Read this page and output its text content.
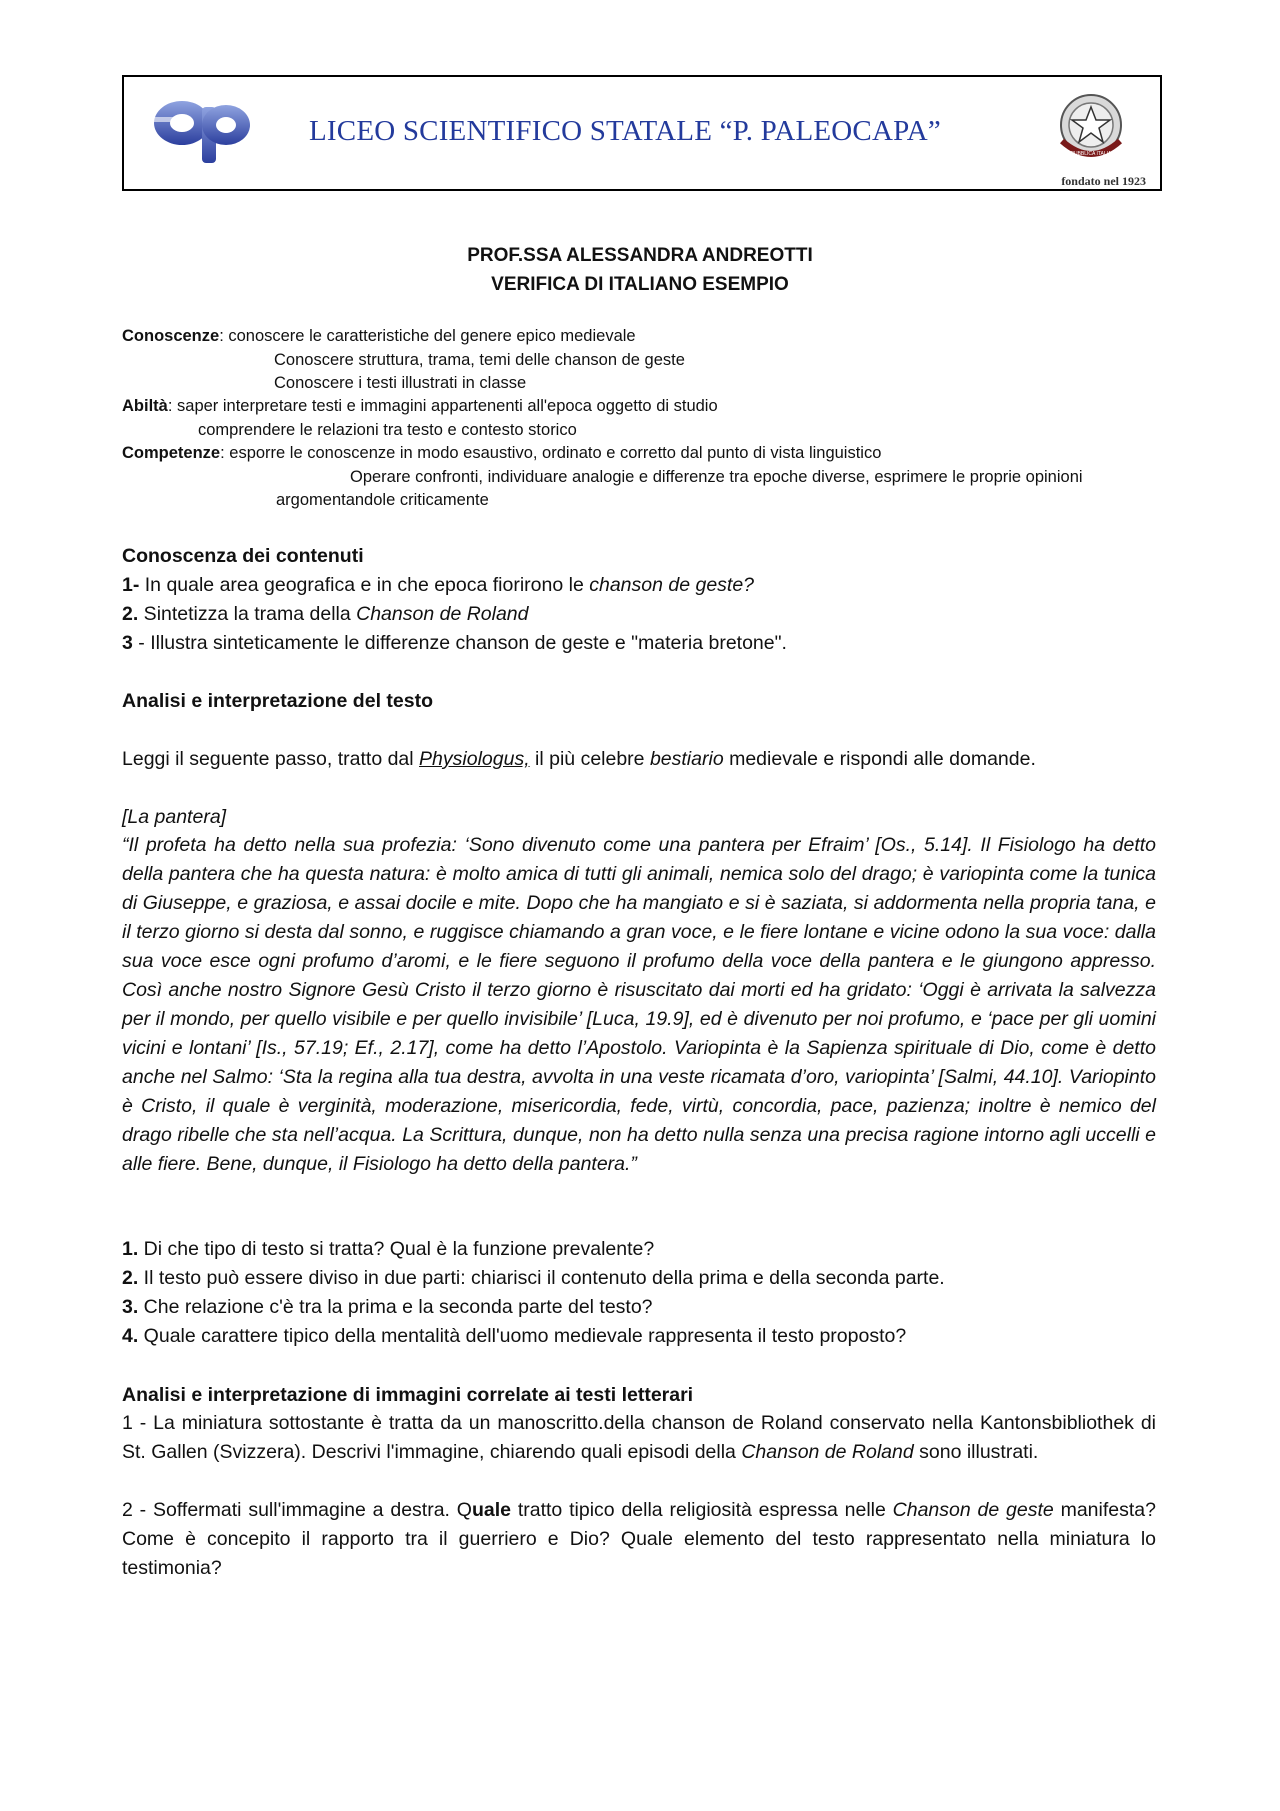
LICEO SCIENTIFICO STATALE “P. PALEOCAPA”
REPUBBLICA ITALIANA
fondato nel 1923
PROF.SSA ALESSANDRA ANDREOTTI
VERIFICA DI ITALIANO ESEMPIO
Conoscenze: conoscere le caratteristiche del genere epico medievale
Conoscere struttura, trama, temi delle chanson de geste
Conoscere i testi illustrati in classe
Abiltà: saper interpretare testi e immagini appartenenti all'epoca oggetto di studio
comprendere le relazioni tra testo e contesto storico
Competenze: esporre le conoscenze in modo esaustivo, ordinato e corretto dal punto di vista linguistico
Operare confronti, individuare analogie e differenze tra epoche diverse, esprimere le proprie opinioni
argomentandole criticamente
Conoscenza dei contenuti
1- In quale area geografica e in che epoca fiorirono le chanson de geste?
2. Sintetizza la trama della Chanson de Roland
3 - Illustra sinteticamente le differenze chanson de geste e "materia bretone".
Analisi e interpretazione del testo
Leggi il seguente passo, tratto dal Physiologus, il più celebre bestiario medievale e rispondi alle domande.
[La pantera]
“Il profeta ha detto nella sua profezia: ‘Sono divenuto come una pantera per Efraim’ [Os., 5.14]. Il Fisiologo ha detto della pantera che ha questa natura: è molto amica di tutti gli animali, nemica solo del drago; è variopinta come la tunica di Giuseppe, e graziosa, e assai docile e mite. Dopo che ha mangiato e si è saziata, si addormenta nella propria tana, e il terzo giorno si desta dal sonno, e ruggisce chiamando a gran voce, e le fiere lontane e vicine odono la sua voce: dalla sua voce esce ogni profumo d’aromi, e le fiere seguono il profumo della voce della pantera e le giungono appresso. Così anche nostro Signore Gesù Cristo il terzo giorno è risuscitato dai morti ed ha gridato: ‘Oggi è arrivata la salvezza per il mondo, per quello visibile e per quello invisibile’ [Luca, 19.9], ed è divenuto per noi profumo, e ‘pace per gli uomini vicini e lontani’ [Is., 57.19; Ef., 2.17], come ha detto l’Apostolo. Variopinta è la Sapienza spirituale di Dio, come è detto anche nel Salmo: ‘Sta la regina alla tua destra, avvolta in una veste ricamata d’oro, variopinta’ [Salmi, 44.10]. Variopinto è Cristo, il quale è verginità, moderazione, misericordia, fede, virtù, concordia, pace, pazienza; inoltre è nemico del drago ribelle che sta nell’acqua. La Scrittura, dunque, non ha detto nulla senza una precisa ragione intorno agli uccelli e alle fiere. Bene, dunque, il Fisiologo ha detto della pantera.”
1. Di che tipo di testo si tratta? Qual è la funzione prevalente?
2. Il testo può essere diviso in due parti: chiarisci il contenuto della prima e della seconda parte.
3. Che relazione c'è tra la prima e la seconda parte del testo?
4. Quale carattere tipico della mentalità dell'uomo medievale rappresenta il testo proposto?
Analisi e interpretazione di immagini correlate ai testi letterari
1 - La miniatura sottostante è tratta da un manoscritto.della chanson de Roland conservato nella Kantonsbibliothek di St. Gallen (Svizzera). Descrivi l'immagine, chiarendo quali episodi della Chanson de Roland sono illustrati.
2 - Soffermati sull'immagine a destra. Quale tratto tipico della religiosità espressa nelle Chanson de geste manifesta? Come è concepito il rapporto tra il guerriero e Dio? Quale elemento del testo rappresentato nella miniatura lo testimonia?
